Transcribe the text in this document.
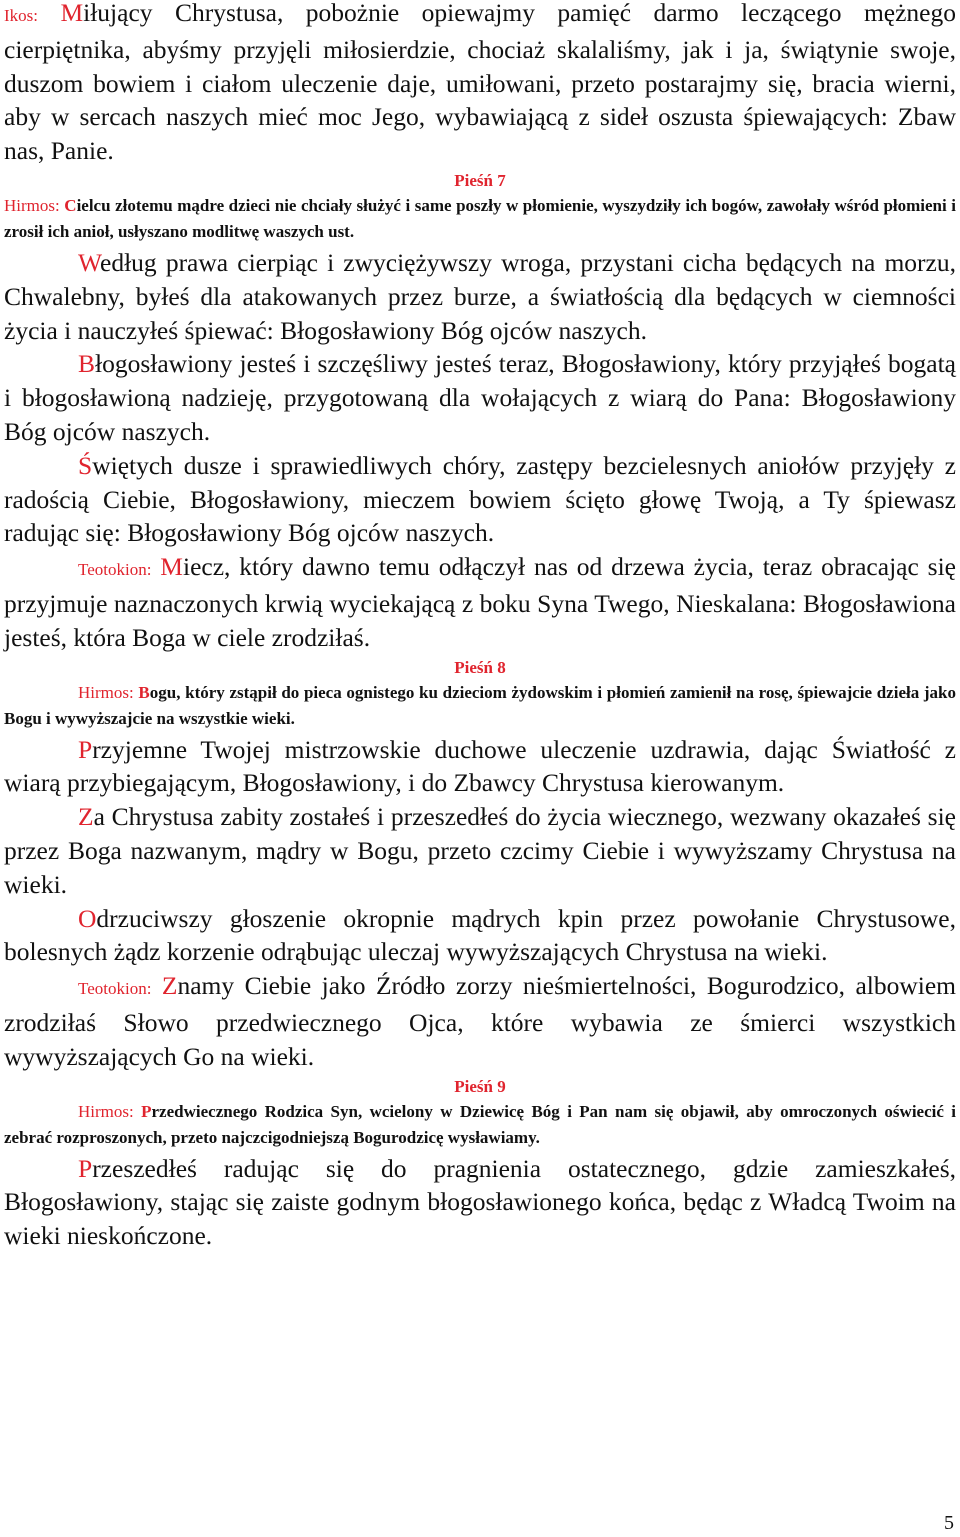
Ikos: Miłujący Chrystusa, pobożnie opiewajmy pamięć darmo leczącego mężnego cierpiętnika, abyśmy przyjęli miłosierdzie, chociaż skalaliśmy, jak i ja, świątynie swoje, duszom bowiem i ciałom uleczenie daje, umiłowani, przeto postarajmy się, bracia wierni, aby w sercach naszych mieć moc Jego, wybawiającą z sideł oszusta śpiewających: Zbaw nas, Panie.

Pieśń 7

Hirmos: Cielcu złotemu mądre dzieci nie chciały służyć i same poszły w płomienie, wyszydziły ich bogów, zawołały wśród płomieni i zrosił ich anioł, usłyszano modlitwę waszych ust.

Według prawa cierpiąc i zwyciężywszy wroga, przystani cicha będących na morzu, Chwalebny, byłeś dla atakowanych przez burze, a światłością dla będących w ciemności życia i nauczyłeś śpiewać: Błogosławiony Bóg ojców naszych.

Błogosławiony jesteś i szczęśliwy jesteś teraz, Błogosławiony, który przyjąłeś bogatą i błogosławioną nadzieję, przygotowaną dla wołających z wiarą do Pana: Błogosławiony Bóg ojców naszych.

Świętych dusze i sprawiedliwych chóry, zastępy bezcielesnych aniołów przyjęły z radością Ciebie, Błogosławiony, mieczem bowiem ścięto głowę Twoją, a Ty śpiewasz radując się: Błogosławiony Bóg ojców naszych.

Teotokion: Miecz, który dawno temu odłączył nas od drzewa życia, teraz obracając się przyjmuje naznaczonych krwią wyciekającą z boku Syna Twego, Nieskalana: Błogosławiona jesteś, która Boga w ciele zrodziłaś.

Pieśń 8

Hirmos: Bogu, który zstąpił do pieca ognistego ku dzieciom żydowskim i płomień zamienił na rosę, śpiewajcie dzieła jako Bogu i wywyższajcie na wszystkie wieki.

Przyjemne Twojej mistrzowskie duchowe uleczenie uzdrawia, dając Światłość z wiarą przybiegającym, Błogosławiony, i do Zbawcy Chrystusa kierowanym.

Za Chrystusa zabity zostałeś i przeszedłeś do życia wiecznego, wezwany okazałeś się przez Boga nazwanym, mądry w Bogu, przeto czcimy Ciebie i wywyższamy Chrystusa na wieki.

Odrzuciwszy głoszenie okropnie mądrych kpin przez powołanie Chrystusowe, bolesnych żądz korzenie odrąbując uleczaj wywyższających Chrystusa na wieki.

Teotokion: Znamy Ciebie jako Źródło zorzy nieśmiertelności, Bogurodzico, albowiem zrodziłaś Słowo przedwiecznego Ojca, które wybawia ze śmierci wszystkich wywyższających Go na wieki.

Pieśń 9

Hirmos: Przedwiecznego Rodzica Syn, wcielony w Dziewicę Bóg i Pan nam się objawił, aby omroczonych oświecić i zebrać rozproszonych, przeto najczcigodniejszą Bogurodzicę wysławiamy.

Przeszedłeś radując się do pragnienia ostatecznego, gdzie zamieszkałeś, Błogosławiony, stając się zaiste godnym błogosławionego końca, będąc z Władcą Twoim na wieki nieskończone.

5
